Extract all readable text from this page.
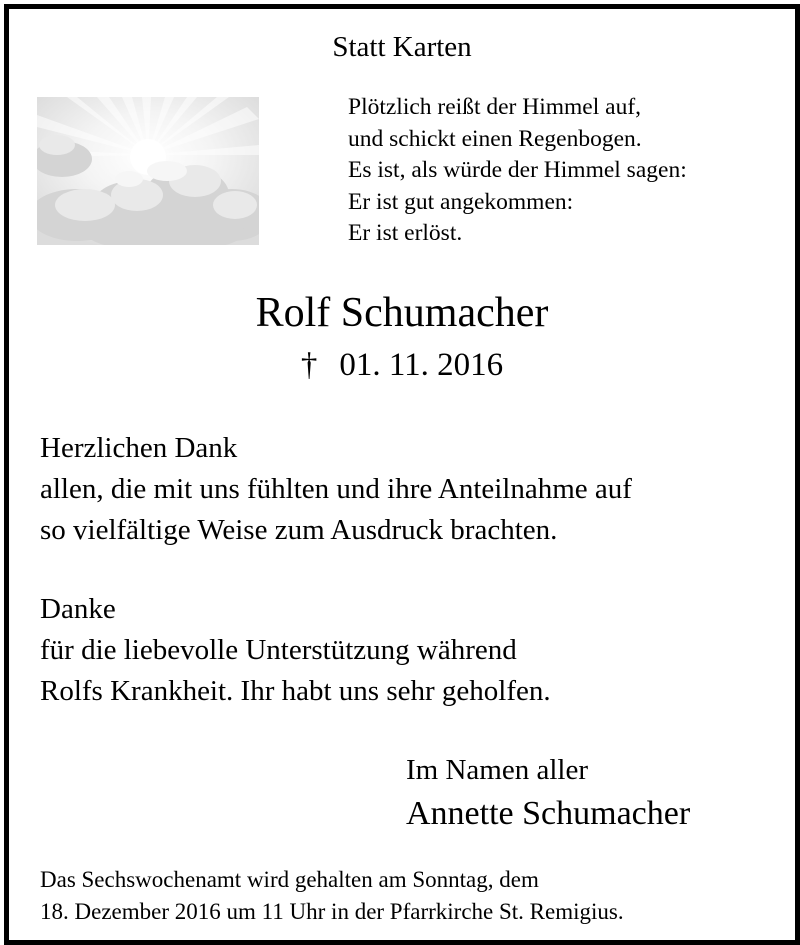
Statt Karten
Plötzlich reißt der Himmel auf,
und schickt einen Regenbogen.
Es ist, als würde der Himmel sagen:
Er ist gut angekommen:
Er ist erlöst.
Rolf Schumacher
† 01. 11. 2016
Herzlichen Dank
allen, die mit uns fühlten und ihre Anteilnahme auf
so vielfältige Weise zum Ausdruck brachten.
Danke
für die liebevolle Unterstützung während
Rolfs Krankheit. Ihr habt uns sehr geholfen.
Im Namen aller
Annette Schumacher
Das Sechswochenamt wird gehalten am Sonntag, dem
18. Dezember 2016 um 11 Uhr in der Pfarrkirche St. Remigius.
